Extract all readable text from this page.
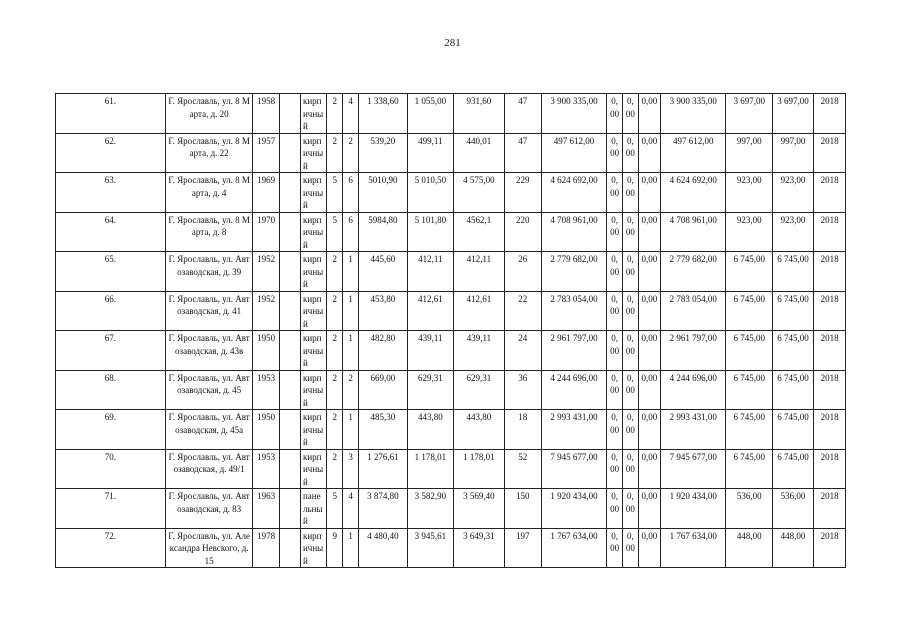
281
61.	Г. Ярославль, ул. 8 Марта, д. 20	1958		кирпичный	2	4	1 338,60	1 055,00	931,60	47	3 900 335,00	0,00	0,00	0,00	3 900 335,00	3 697,00	3 697,00	2018
62.	Г. Ярославль, ул. 8 Марта, д. 22	1957		кирпичный	2	2	539,20	499,11	440,01	47	497 612,00	0,00	0,00	0,00	497 612,00	997,00	997,00	2018
63.	Г. Ярославль, ул. 8 Марта, д. 4	1969		кирпичный	5	6	5010,90	5 010,50	4 575,00	229	4 624 692,00	0,00	0,00	0,00	4 624 692,00	923,00	923,00	2018
64.	Г. Ярославль, ул. 8 Марта, д. 8	1970		кирпичный	5	6	5984,80	5 101,80	4562,1	220	4 708 961,00	0,00	0,00	0,00	4 708 961,00	923,00	923,00	2018
65.	Г. Ярославль, ул. Автозаводская, д. 39	1952		кирпичный	2	1	445,60	412,11	412,11	26	2 779 682,00	0,00	0,00	0,00	2 779 682,00	6 745,00	6 745,00	2018
66.	Г. Ярославль, ул. Автозаводская, д. 41	1952		кирпичный	2	1	453,80	412,61	412,61	22	2 783 054,00	0,00	0,00	0,00	2 783 054,00	6 745,00	6 745,00	2018
67.	Г. Ярославль, ул. Автозаводская, д. 43в	1950		кирпичный	2	1	482,80	439,11	439,11	24	2 961 797,00	0,00	0,00	0,00	2 961 797,00	6 745,00	6 745,00	2018
68.	Г. Ярославль, ул. Автозаводская, д. 45	1953		кирпичный	2	2	669,00	629,31	629,31	36	4 244 696,00	0,00	0,00	0,00	4 244 696,00	6 745,00	6 745,00	2018
69.	Г. Ярославль, ул. Автозаводская, д. 45а	1950		кирпичный	2	1	485,30	443,80	443,80	18	2 993 431,00	0,00	0,00	0,00	2 993 431,00	6 745,00	6 745,00	2018
70.	Г. Ярославль, ул. Автозаводская, д. 49/1	1953		кирпичный	2	3	1 276,61	1 178,01	1 178,01	52	7 945 677,00	0,00	0,00	0,00	7 945 677,00	6 745,00	6 745,00	2018
71.	Г. Ярославль, ул. Автозаводская, д. 83	1963		панельный	5	4	3 874,80	3 582,90	3 569,40	150	1 920 434,00	0,00	0,00	0,00	1 920 434,00	536,00	536,00	2018
72.	Г. Ярославль, ул. Александра Невского, д. 15	1978		кирпичный	9	1	4 480,40	3 945,61	3 649,31	197	1 767 634,00	0,00	0,00	0,00	1 767 634,00	448,00	448,00	2018
